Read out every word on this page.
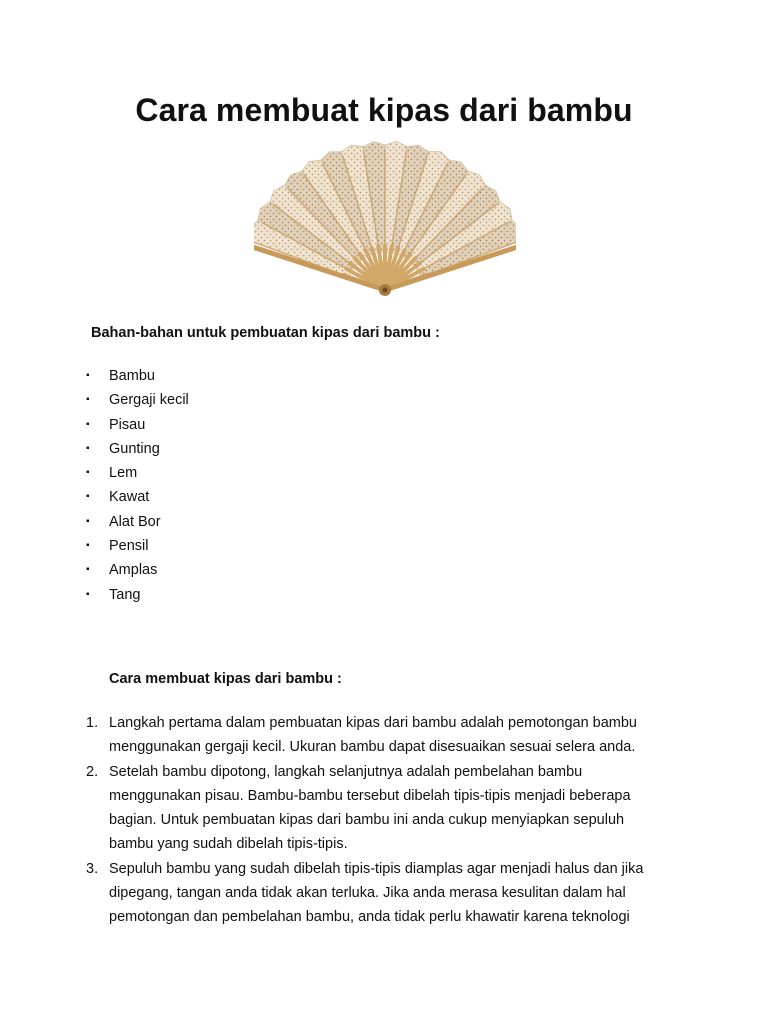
Cara membuat kipas dari bambu

Bahan-bahan untuk pembuatan kipas dari bambu :

▪	Bambu
▪	Gergaji kecil
▪	Pisau
▪	Gunting
▪	Lem
▪	Kawat
▪	Alat Bor
▪	Pensil
▪	Amplas
▪	Tang

Cara membuat kipas dari bambu :

1. Langkah pertama dalam pembuatan kipas dari bambu adalah pemotongan bambu
menggunakan gergaji kecil. Ukuran bambu dapat disesuaikan sesuai selera anda.
2. Setelah bambu dipotong, langkah selanjutnya adalah pembelahan bambu
menggunakan pisau. Bambu-bambu tersebut dibelah tipis-tipis menjadi beberapa
bagian. Untuk pembuatan kipas dari bambu ini anda cukup menyiapkan sepuluh
bambu yang sudah dibelah tipis-tipis.
3. Sepuluh bambu yang sudah dibelah tipis-tipis diamplas agar menjadi halus dan jika
dipegang, tangan anda tidak akan terluka. Jika anda merasa kesulitan dalam hal
pemotongan dan pembelahan bambu, anda tidak perlu khawatir karena teknologi
